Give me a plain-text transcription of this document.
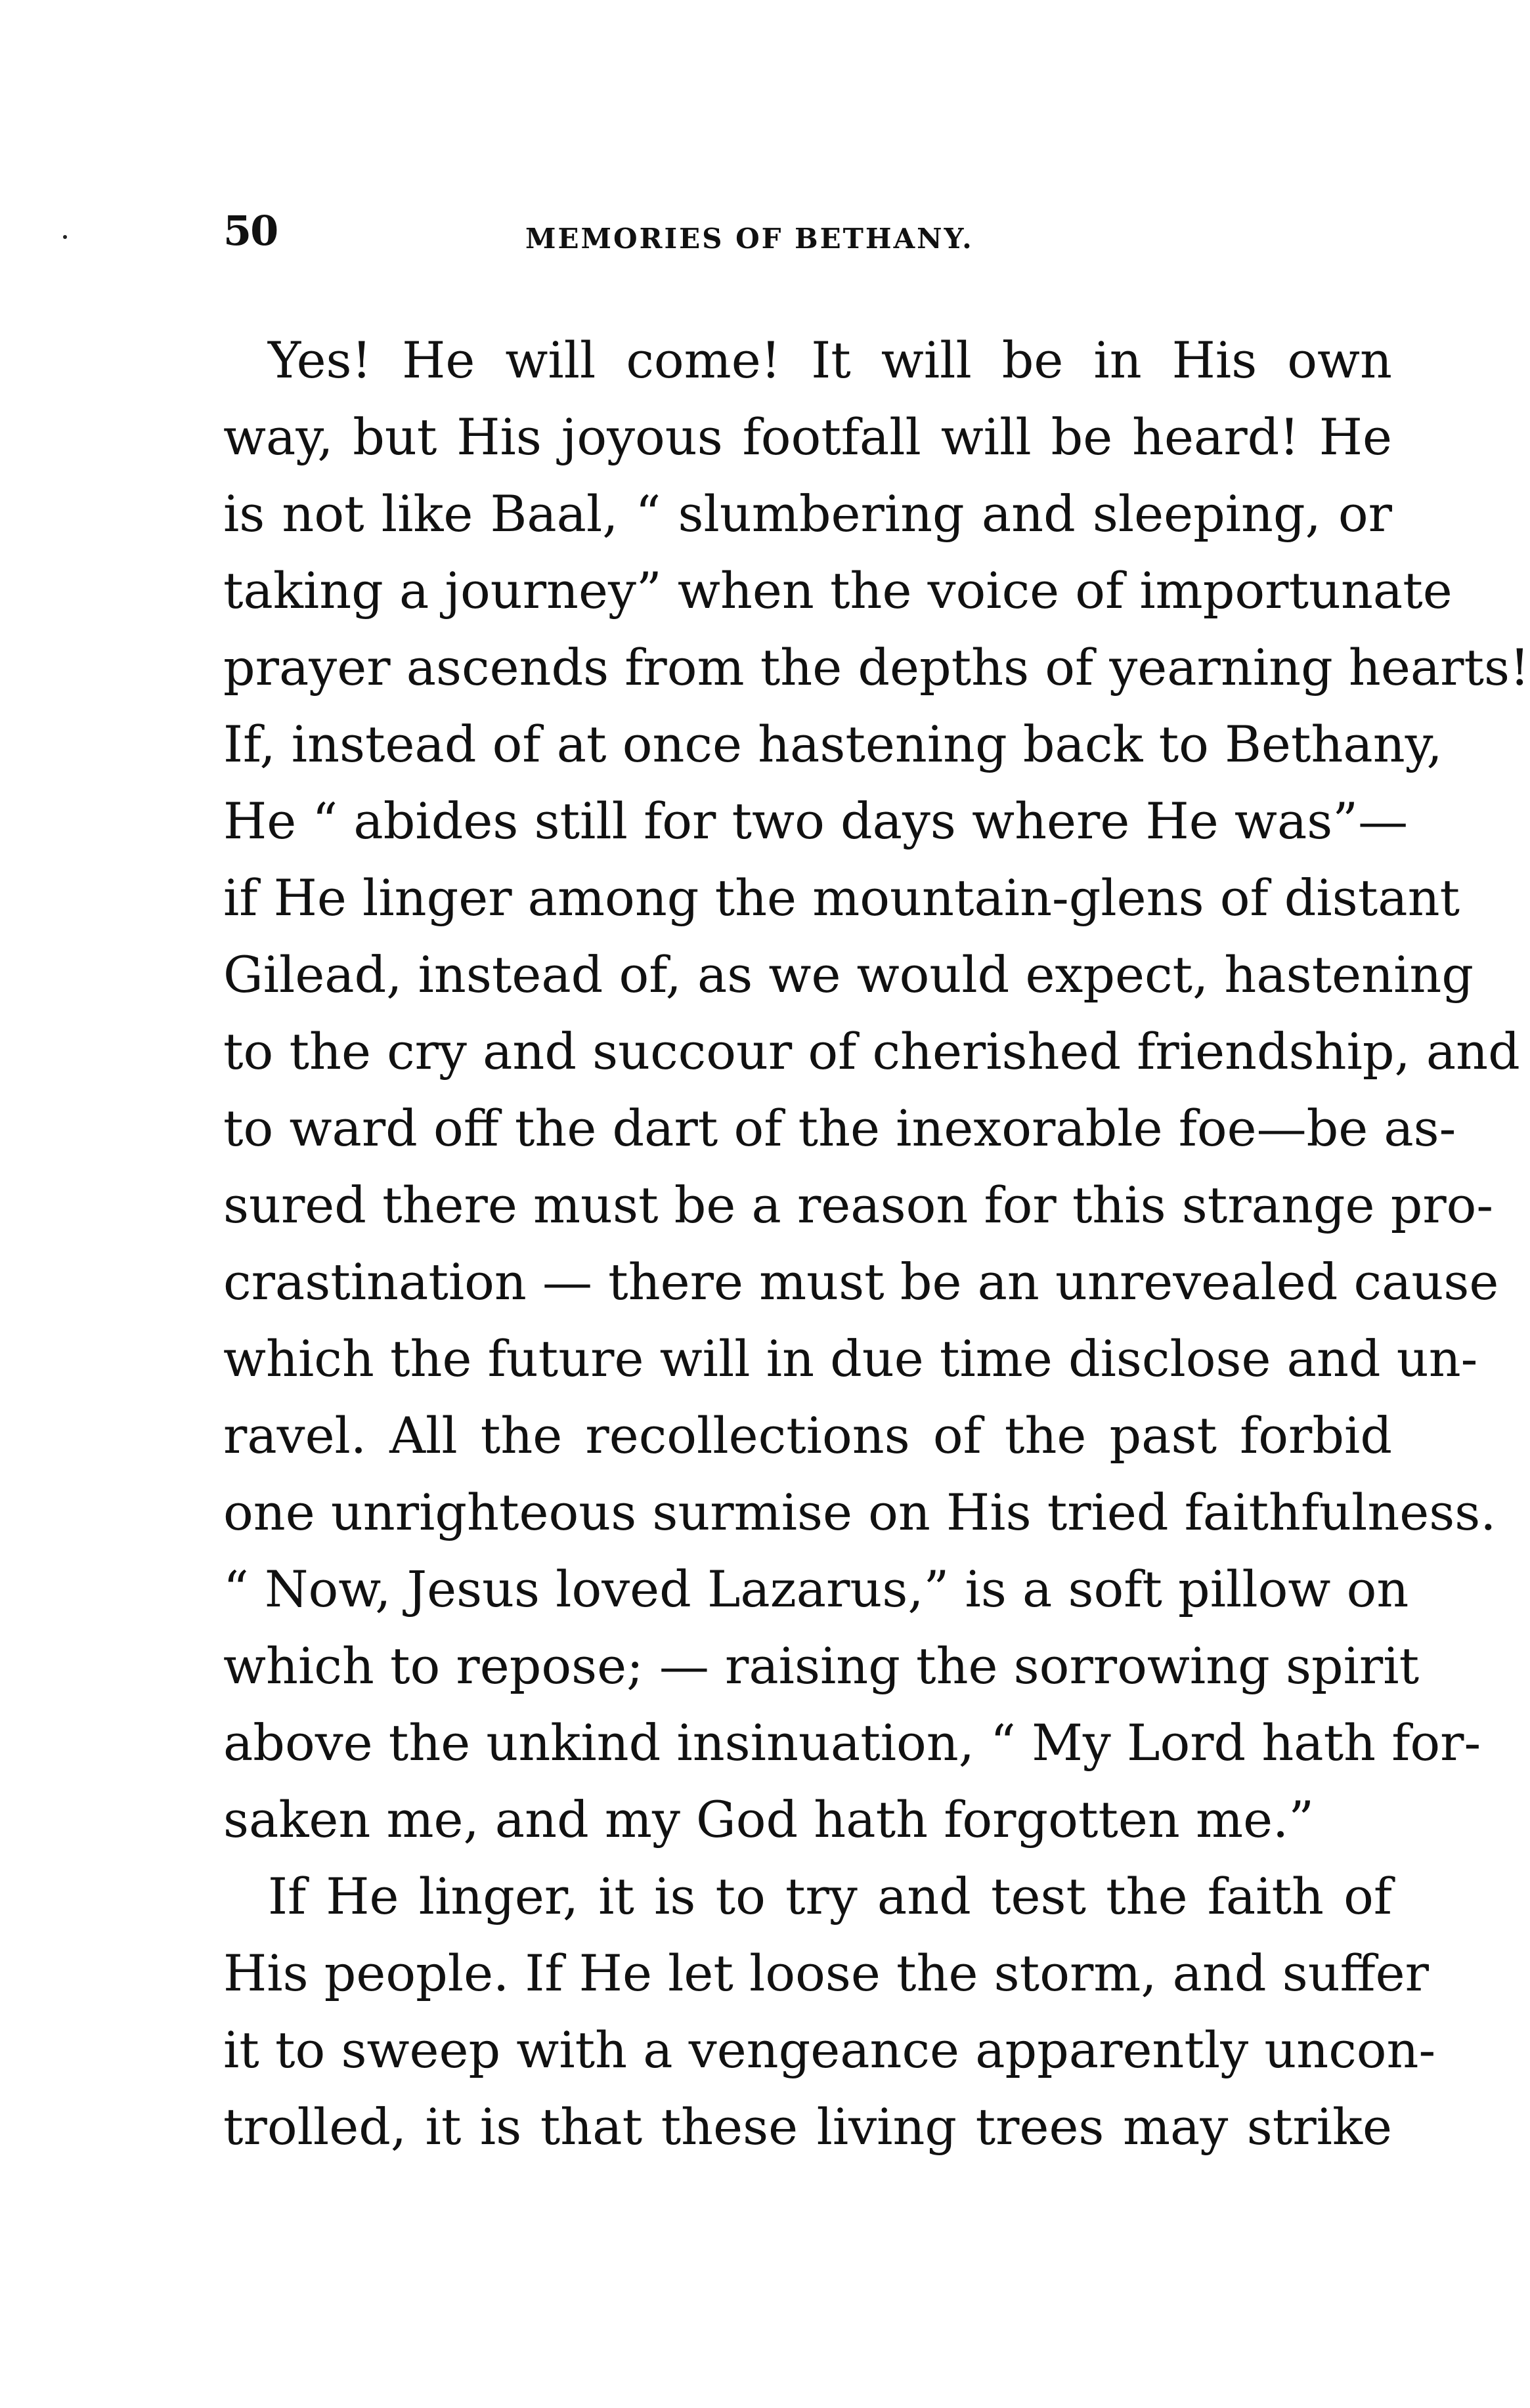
50	MEMORIES OF BETHANY.

Yes! He will come! It will be in His own
way, but His joyous footfall will be heard! He
is not like Baal, “ slumbering and sleeping, or
taking a journey” when the voice of importunate
prayer ascends from the depths of yearning hearts!
If, instead of at once hastening back to Bethany,
He “ abides still for two days where He was”—
if He linger among the mountain-glens of distant
Gilead, instead of, as we would expect, hastening
to the cry and succour of cherished friendship, and
to ward off the dart of the inexorable foe—be as-
sured there must be a reason for this strange pro-
crastination — there must be an unrevealed cause
which the future will in due time disclose and un-
ravel. All the recollections of the past forbid
one unrighteous surmise on His tried faithfulness.
“ Now, Jesus loved Lazarus,” is a soft pillow on
which to repose; — raising the sorrowing spirit
above the unkind insinuation, “ My Lord hath for-
saken me, and my God hath forgotten me.”

If He linger, it is to try and test the faith of
His people. If He let loose the storm, and suffer
it to sweep with a vengeance apparently uncon-
trolled, it is that these living trees may strike
